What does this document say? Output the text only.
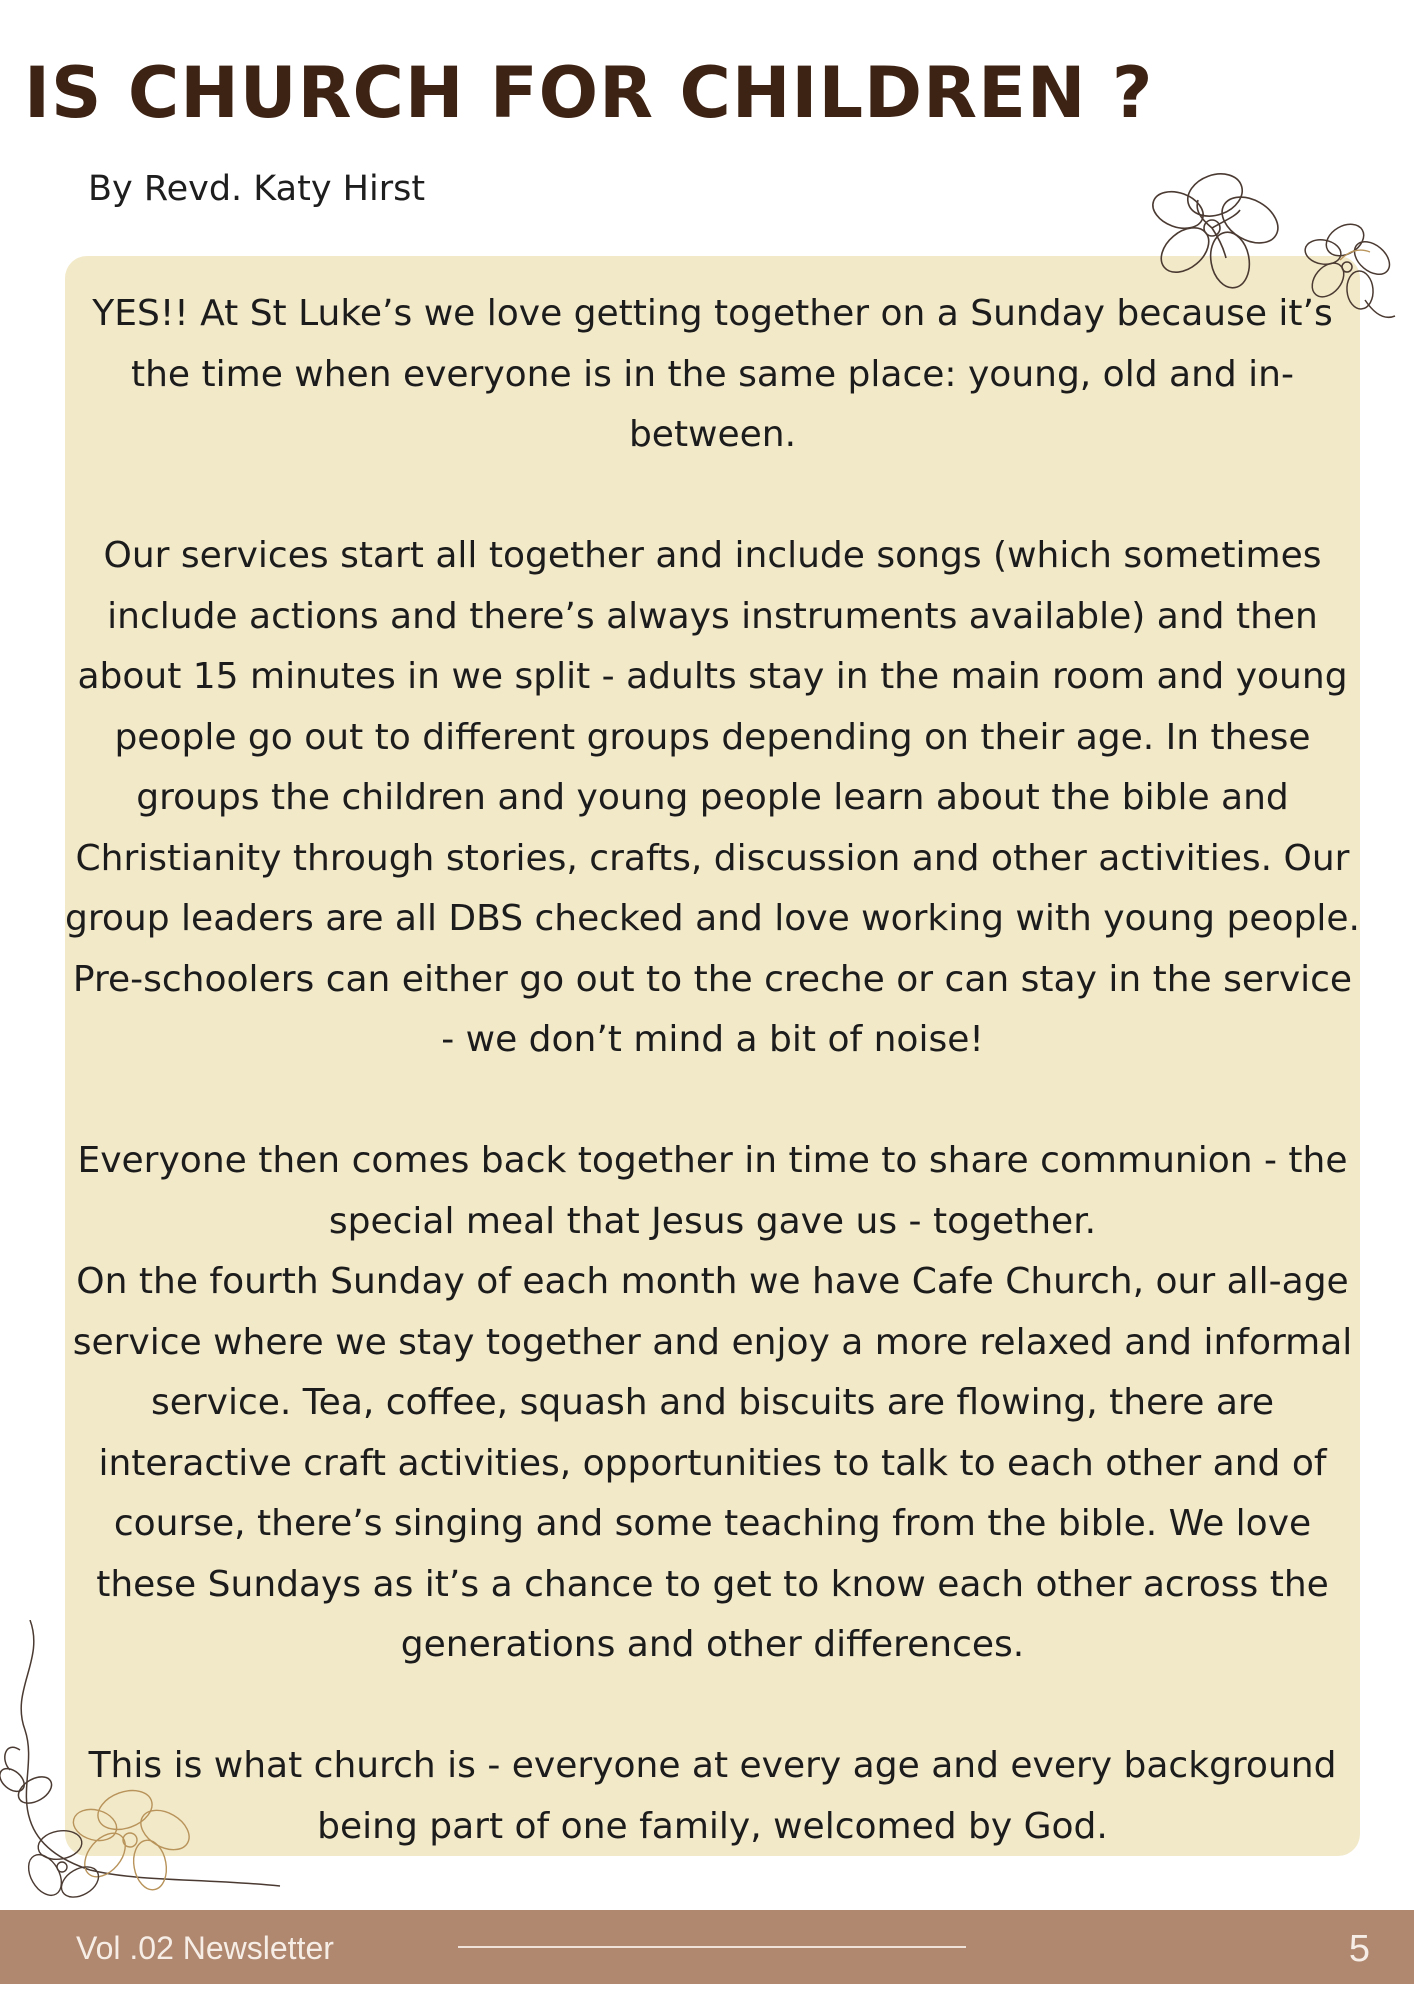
IS CHURCH FOR CHILDREN ?
By Revd. Katy Hirst

YES!! At St Luke’s we love getting together on a Sunday because it’s the time when everyone is in the same place: young, old and in-between.

Our services start all together and include songs (which sometimes include actions and there’s always instruments available) and then about 15 minutes in we split - adults stay in the main room and young people go out to different groups depending on their age. In these groups the children and young people learn about the bible and Christianity through stories, crafts, discussion and other activities. Our group leaders are all DBS checked and love working with young people. Pre-schoolers can either go out to the creche or can stay in the service - we don’t mind a bit of noise!

Everyone then comes back together in time to share communion - the special meal that Jesus gave us - together.

On the fourth Sunday of each month we have Cafe Church, our all-age service where we stay together and enjoy a more relaxed and informal service. Tea, coffee, squash and biscuits are flowing, there are interactive craft activities, opportunities to talk to each other and of course, there’s singing and some teaching from the bible. We love these Sundays as it’s a chance to get to know each other across the generations and other differences.

This is what church is - everyone at every age and every background being part of one family, welcomed by God.

Vol .02 Newsletter	5
